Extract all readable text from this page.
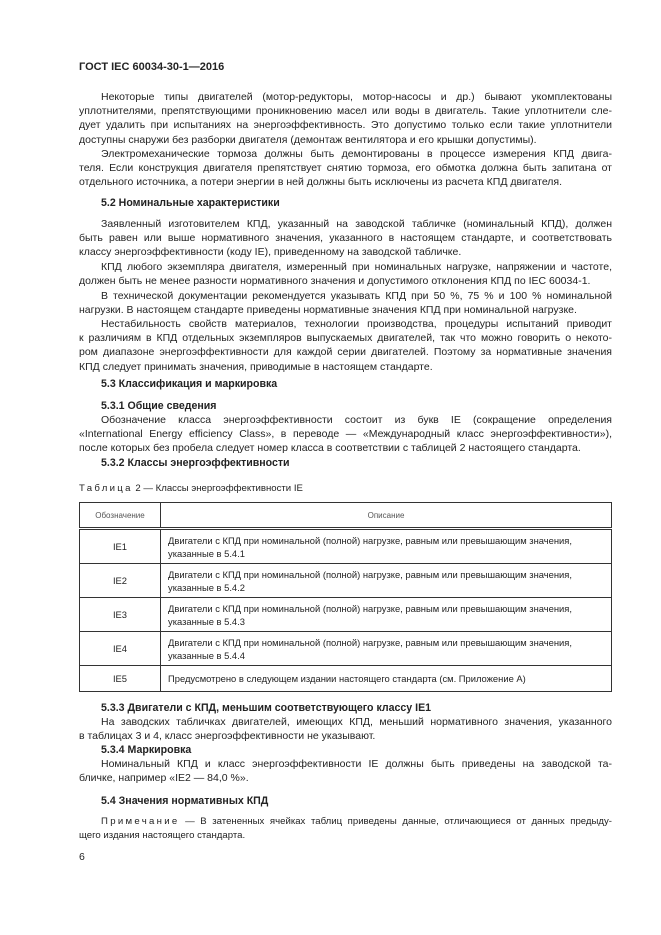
ГОСТ IEC 60034-30-1—2016
Некоторые типы двигателей (мотор-редукторы, мотор-насосы и др.) бывают укомплектованы
уплотнителями, препятствующими проникновению масел или воды в двигатель. Такие уплотнители сле-
дует удалить при испытаниях на энергоэффективность. Это допустимо только если такие уплотнители
доступны снаружи без разборки двигателя (демонтаж вентилятора и его крышки допустимы).
Электромеханические тормоза должны быть демонтированы в процессе измерения КПД двига-
теля. Если конструкция двигателя препятствует снятию тормоза, его обмотка должна быть запитана от
отдельного источника, а потери энергии в ней должны быть исключены из расчета КПД двигателя.
5.2 Номинальные характеристики
Заявленный изготовителем КПД, указанный на заводской табличке (номинальный КПД), должен
быть равен или выше нормативного значения, указанного в настоящем стандарте, и соответствовать
классу энергоэффективности (коду IE), приведенному на заводской табличке.
КПД любого экземпляра двигателя, измеренный при номинальных нагрузке, напряжении и частоте,
должен быть не менее разности нормативного значения и допустимого отклонения КПД по IEC 60034-1.
В технической документации рекомендуется указывать КПД при 50 %, 75 % и 100 % номинальной
нагрузки. В настоящем стандарте приведены нормативные значения КПД при номинальной нагрузке.
Нестабильность свойств материалов, технологии производства, процедуры испытаний приводит
к различиям в КПД отдельных экземпляров выпускаемых двигателей, так что можно говорить о некото-
ром диапазоне энергоэффективности для каждой серии двигателей. Поэтому за нормативные значения
КПД следует принимать значения, приводимые в настоящем стандарте.
5.3 Классификация и маркировка
5.3.1 Общие сведения
Обозначение класса энергоэффективности состоит из букв IE (сокращение определения
«International Energy efficiency Class», в переводе — «Международный класс энергоэффективности»),
после которых без пробела следует номер класса в соответствии с таблицей 2 настоящего стандарта.
5.3.2 Классы энергоэффективности
5.3.3 Двигатели с КПД, меньшим соответствующего классу IE1
На заводских табличках двигателей, имеющих КПД, меньший нормативного значения, указанного
в таблицах 3 и 4, класс энергоэффективности не указывают.
5.3.4 Маркировка
Номинальный КПД и класс энергоэффективности IE должны быть приведены на заводской та-
бличке, например «IE2 — 84,0 %».
5.4 Значения нормативных КПД
Таблица 2 — Классы энергоэффективности IE
Обозначение	Описание
IE1	Двигатели с КПД при номинальной (полной) нагрузке, равным или превышающим значения, указанные в 5.4.1
IE2	Двигатели с КПД при номинальной (полной) нагрузке, равным или превышающим значения, указанные в 5.4.2
IE3	Двигатели с КПД при номинальной (полной) нагрузке, равным или превышающим значения, указанные в 5.4.3
IE4	Двигатели с КПД при номинальной (полной) нагрузке, равным или превышающим значения, указанные в 5.4.4
IE5	Предусмотрено в следующем издании настоящего стандарта (см. Приложение А)
Примечание — В затененных ячейках таблиц приведены данные, отличающиеся от данных предыду-
щего издания настоящего стандарта.
6
